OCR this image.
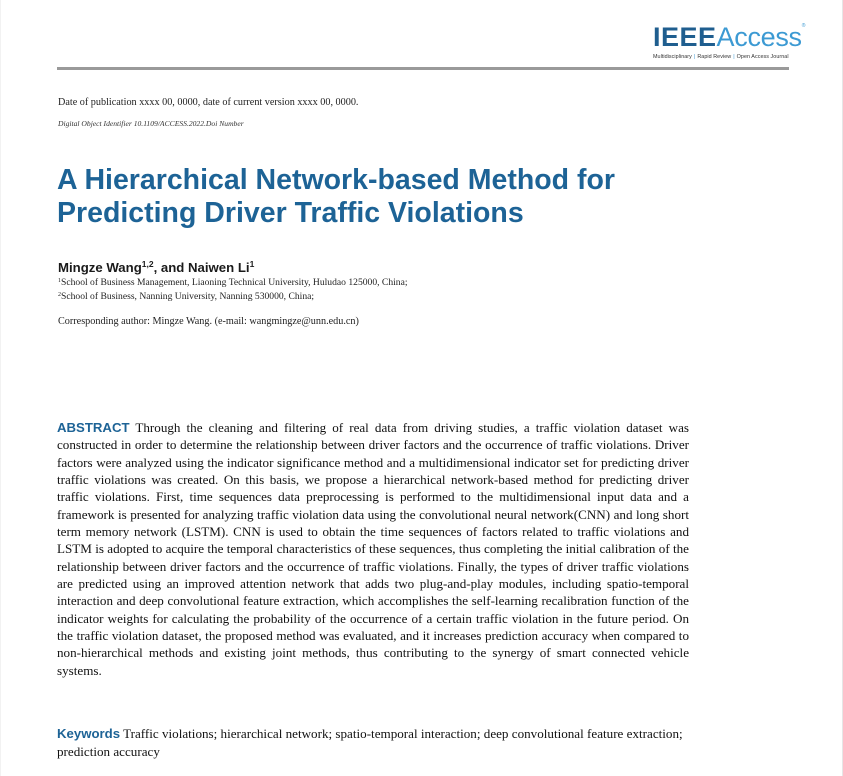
IEEEAccess®
Multidisciplinary | Rapid Review | Open Access Journal
Date of publication xxxx 00, 0000, date of current version xxxx 00, 0000.
Digital Object Identifier 10.1109/ACCESS.2022.Doi Number
A Hierarchical Network-based Method for Predicting Driver Traffic Violations
Mingze Wang$^{1,2}$, and Naiwen Li$^1$
$^1$School of Business Management, Liaoning Technical University, Huludao 125000, China;
$^2$School of Business, Nanning University, Nanning 530000, China;
Corresponding author: Mingze Wang. (e-mail: wangmingze@unn.edu.cn)

ABSTRACT Through the cleaning and filtering of real data from driving studies, a traffic violation dataset was constructed in order to determine the relationship between driver factors and the occurrence of traffic violations. Driver factors were analyzed using the indicator significance method and a multidimensional indicator set for predicting driver traffic violations was created. On this basis, we propose a hierarchical network-based method for predicting driver traffic violations. First, time sequences data preprocessing is performed to the multidimensional input data and a framework is presented for analyzing traffic violation data using the convolutional neural network(CNN) and long short term memory network (LSTM). CNN is used to obtain the time sequences of factors related to traffic violations and LSTM is adopted to acquire the temporal characteristics of these sequences, thus completing the initial calibration of the relationship between driver factors and the occurrence of traffic violations. Finally, the types of driver traffic violations are predicted using an improved attention network that adds two plug-and-play modules, including spatio-temporal interaction and deep convolutional feature extraction, which accomplishes the self-learning recalibration function of the indicator weights for calculating the probability of the occurrence of a certain traffic violation in the future period. On the traffic violation dataset, the proposed method was evaluated, and it increases prediction accuracy when compared to non-hierarchical methods and existing joint methods, thus contributing to the synergy of smart connected vehicle systems.

Keywords Traffic violations; hierarchical network; spatio-temporal interaction; deep convolutional feature extraction; prediction accuracy
